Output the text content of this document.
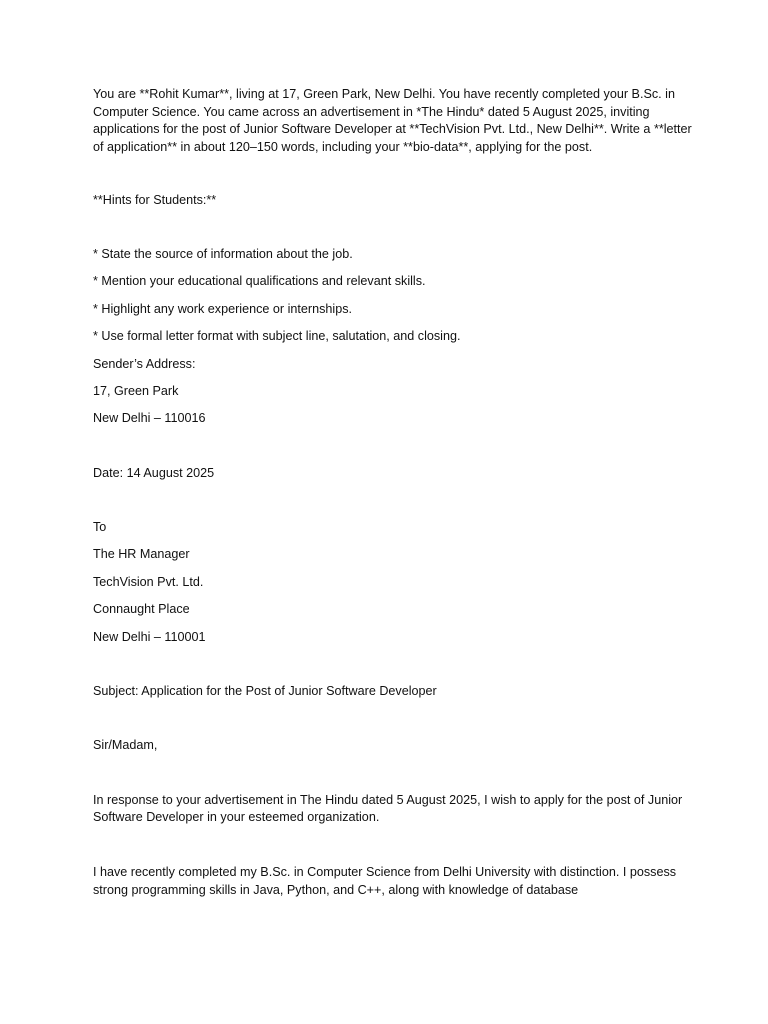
You are **Rohit Kumar**, living at 17, Green Park, New Delhi. You have recently completed your B.Sc. in Computer Science. You came across an advertisement in *The Hindu* dated 5 August 2025, inviting applications for the post of Junior Software Developer at **TechVision Pvt. Ltd., New Delhi**. Write a **letter of application** in about 120–150 words, including your **bio-data**, applying for the post.

**Hints for Students:**

* State the source of information about the job.

* Mention your educational qualifications and relevant skills.

* Highlight any work experience or internships.

* Use formal letter format with subject line, salutation, and closing.

Sender’s Address:

17, Green Park

New Delhi – 110016

Date: 14 August 2025

To

The HR Manager

TechVision Pvt. Ltd.

Connaught Place

New Delhi – 110001

Subject: Application for the Post of Junior Software Developer

Sir/Madam,

In response to your advertisement in The Hindu dated 5 August 2025, I wish to apply for the post of Junior Software Developer in your esteemed organization.

I have recently completed my B.Sc. in Computer Science from Delhi University with distinction. I possess strong programming skills in Java, Python, and C++, along with knowledge of database
